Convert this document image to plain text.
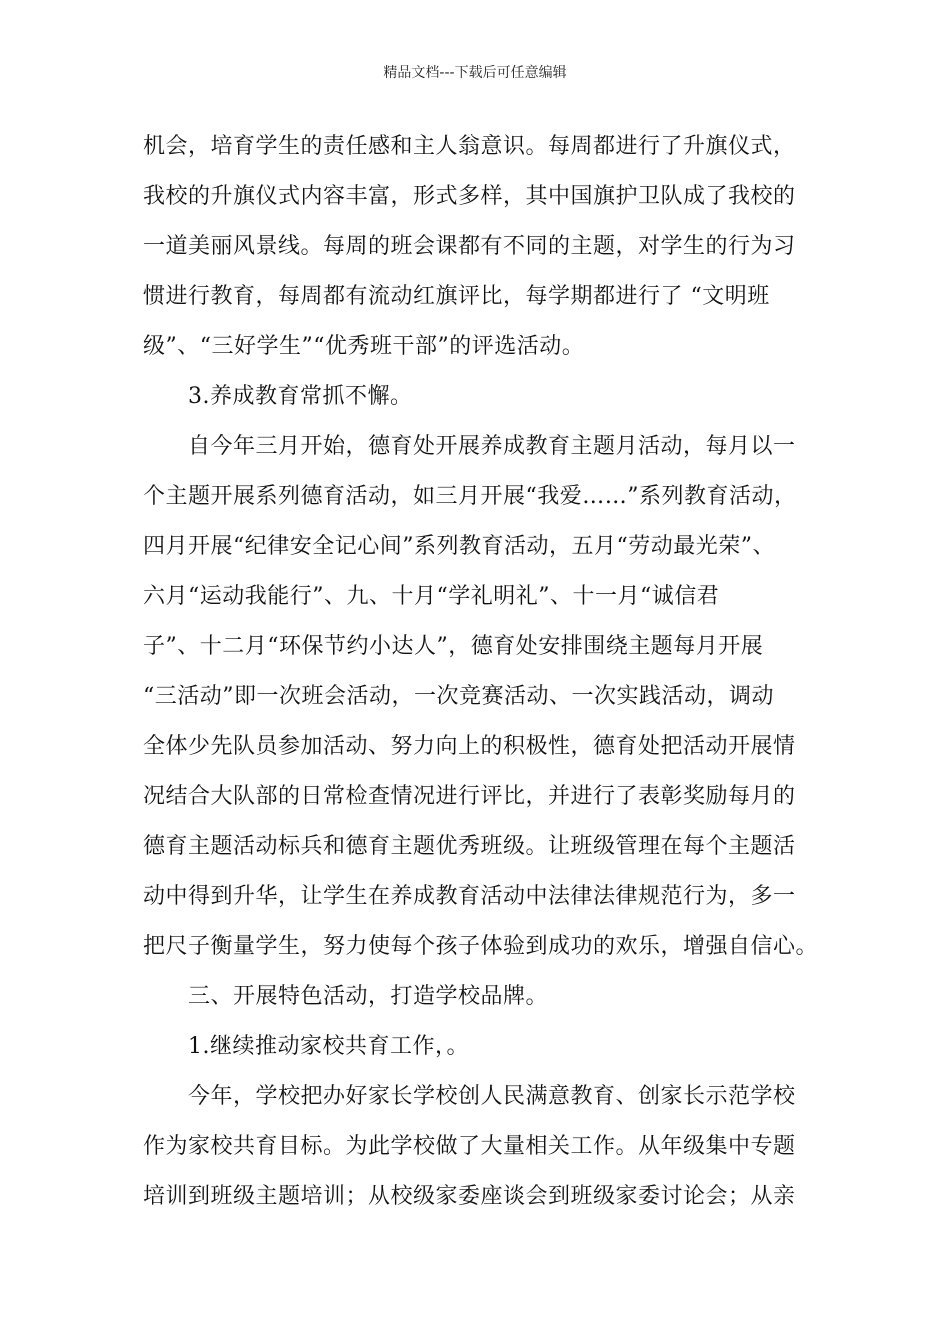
精品文档---下载后可任意编辑
机会，培育学生的责任感和主人翁意识。每周都进行了升旗仪式，
我校的升旗仪式内容丰富，形式多样，其中国旗护卫队成了我校的
一道美丽风景线。每周的班会课都有不同的主题，对学生的行为习
惯进行教育，每周都有流动红旗评比，每学期都进行了 “文明班
级”、“三好学生”“优秀班干部”的评选活动。
3.养成教育常抓不懈。
自今年三月开始，德育处开展养成教育主题月活动，每月以一
个主题开展系列德育活动，如三月开展“我爱……”系列教育活动，
四月开展“纪律安全记心间”系列教育活动，五月“劳动最光荣”、
六月“运动我能行”、九、十月“学礼明礼”、十一月“诚信君
子”、十二月“环保节约小达人”，德育处安排围绕主题每月开展
“三活动”即一次班会活动，一次竞赛活动、一次实践活动，调动
全体少先队员参加活动、努力向上的积极性，德育处把活动开展情
况结合大队部的日常检查情况进行评比，并进行了表彰奖励每月的
德育主题活动标兵和德育主题优秀班级。让班级管理在每个主题活
动中得到升华，让学生在养成教育活动中法律法律规范行为，多一
把尺子衡量学生，努力使每个孩子体验到成功的欢乐，增强自信心。
三、开展特色活动，打造学校品牌。
1.继续推动家校共育工作，。
今年，学校把办好家长学校创人民满意教育、创家长示范学校
作为家校共育目标。为此学校做了大量相关工作。从年级集中专题
培训到班级主题培训；从校级家委座谈会到班级家委讨论会；从亲
